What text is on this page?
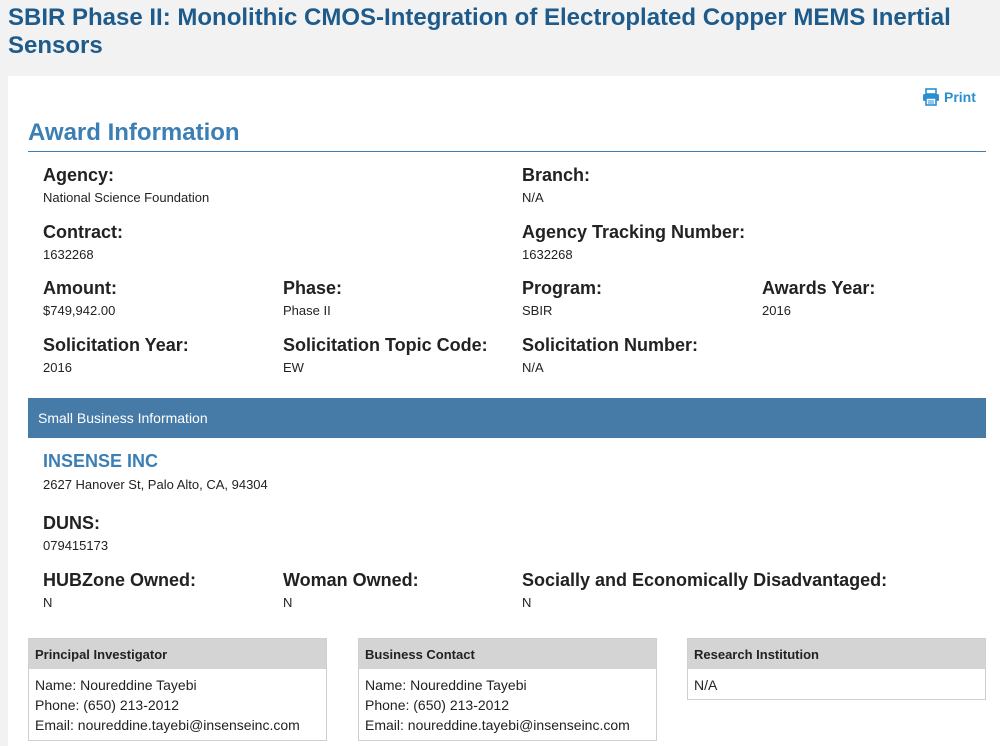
SBIR Phase II: Monolithic CMOS-Integration of Electroplated Copper MEMS Inertial Sensors
Print
Award Information
Agency:
National Science Foundation
Branch:
N/A
Contract:
1632268
Agency Tracking Number:
1632268
Amount:
$749,942.00
Phase:
Phase II
Program:
SBIR
Awards Year:
2016
Solicitation Year:
2016
Solicitation Topic Code:
EW
Solicitation Number:
N/A
Small Business Information
INSENSE INC
2627 Hanover St, Palo Alto, CA, 94304
DUNS:
079415173
HUBZone Owned:
N
Woman Owned:
N
Socially and Economically Disadvantaged:
N
Principal Investigator
Name: Noureddine Tayebi
Phone: (650) 213-2012
Email: noureddine.tayebi@insenseinc.com
Business Contact
Name: Noureddine Tayebi
Phone: (650) 213-2012
Email: noureddine.tayebi@insenseinc.com
Research Institution
N/A
